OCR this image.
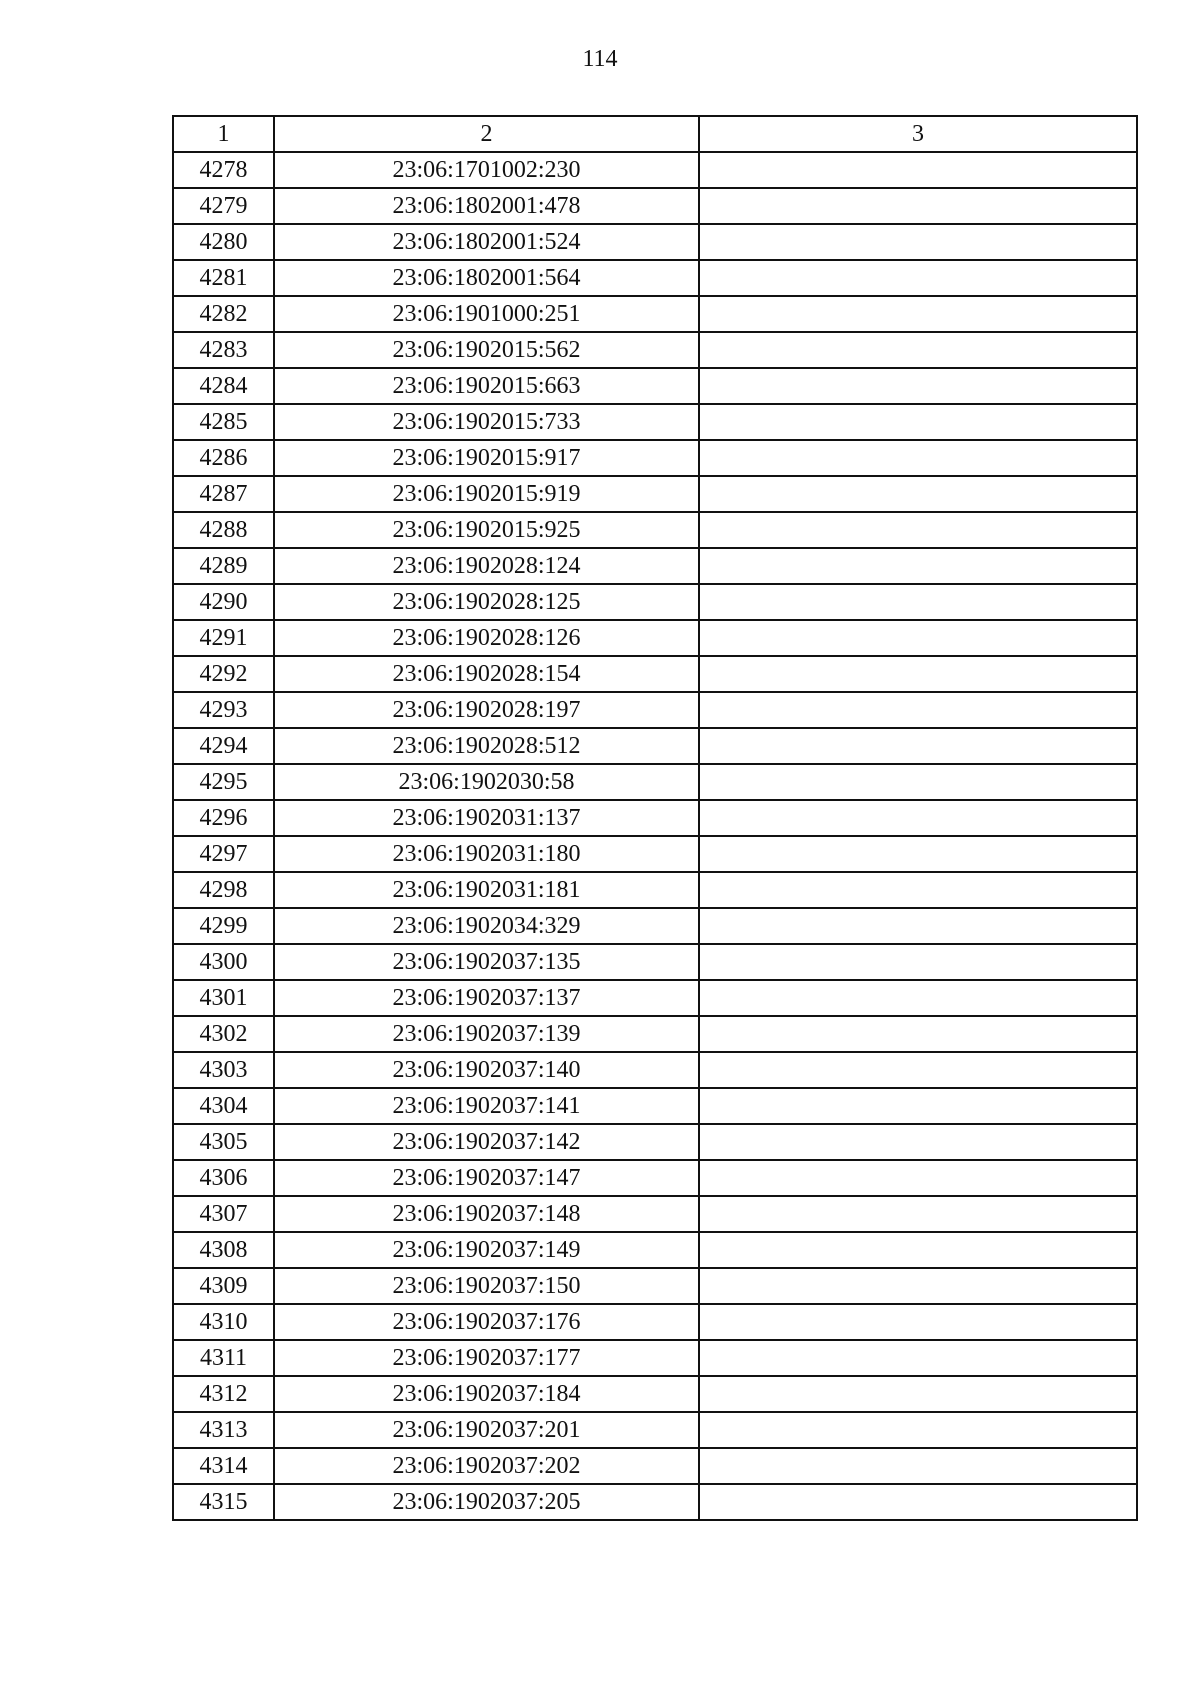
114
1	2	3
4278	23:06:1701002:230	
4279	23:06:1802001:478	
4280	23:06:1802001:524	
4281	23:06:1802001:564	
4282	23:06:1901000:251	
4283	23:06:1902015:562	
4284	23:06:1902015:663	
4285	23:06:1902015:733	
4286	23:06:1902015:917	
4287	23:06:1902015:919	
4288	23:06:1902015:925	
4289	23:06:1902028:124	
4290	23:06:1902028:125	
4291	23:06:1902028:126	
4292	23:06:1902028:154	
4293	23:06:1902028:197	
4294	23:06:1902028:512	
4295	23:06:1902030:58	
4296	23:06:1902031:137	
4297	23:06:1902031:180	
4298	23:06:1902031:181	
4299	23:06:1902034:329	
4300	23:06:1902037:135	
4301	23:06:1902037:137	
4302	23:06:1902037:139	
4303	23:06:1902037:140	
4304	23:06:1902037:141	
4305	23:06:1902037:142	
4306	23:06:1902037:147	
4307	23:06:1902037:148	
4308	23:06:1902037:149	
4309	23:06:1902037:150	
4310	23:06:1902037:176	
4311	23:06:1902037:177	
4312	23:06:1902037:184	
4313	23:06:1902037:201	
4314	23:06:1902037:202	
4315	23:06:1902037:205	
